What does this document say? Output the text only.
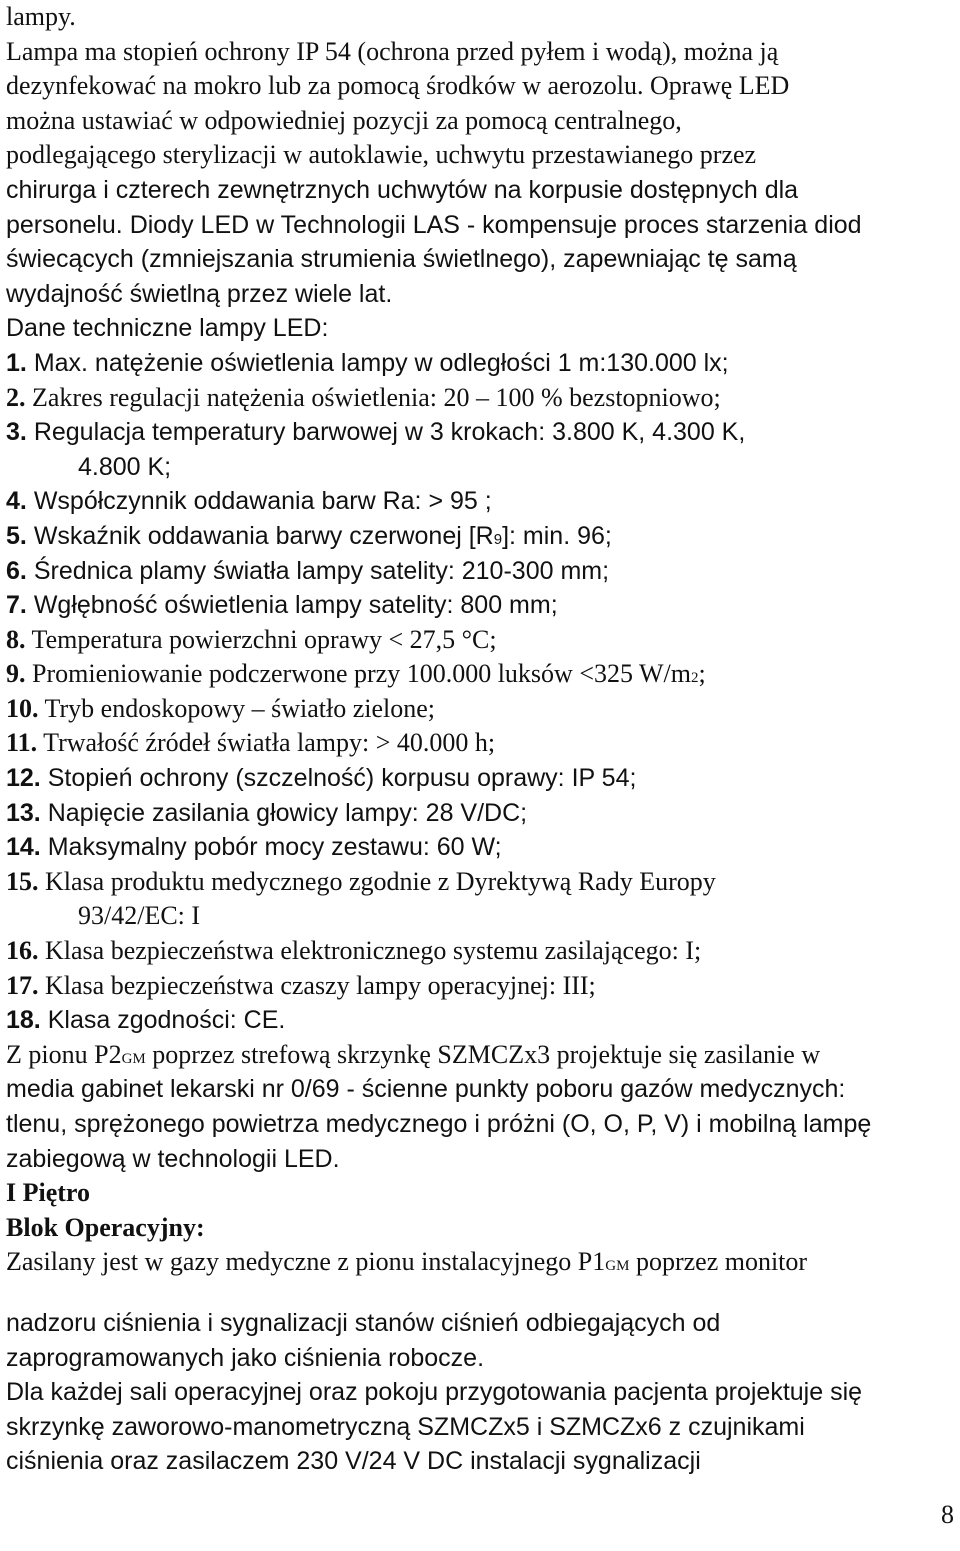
lampy.
Lampa ma stopień ochrony IP 54 (ochrona przed pyłem i wodą), można ją
dezynfekować na mokro lub za pomocą środków w aerozolu. Oprawę LED
można ustawiać w odpowiedniej pozycji za pomocą centralnego,
podlegającego sterylizacji w autoklawie, uchwytu przestawianego przez
chirurga i czterech zewnętrznych uchwytów na korpusie dostępnych dla
personelu. Diody LED w Technologii LAS - kompensuje proces starzenia diod
świecących (zmniejszania strumienia świetlnego), zapewniając tę samą
wydajność świetlną przez wiele lat.
Dane techniczne lampy LED:
1. Max. natężenie oświetlenia lampy w odległości 1 m:130.000 lx;
2. Zakres regulacji natężenia oświetlenia: 20 – 100 % bezstopniowo;
3. Regulacja temperatury barwowej w 3 krokach: 3.800 K, 4.300 K,
4.800 K;
4. Współczynnik oddawania barw Ra: > 95 ;
5. Wskaźnik oddawania barwy czerwonej [R9]: min. 96;
6. Średnica plamy światła lampy satelity: 210-300 mm;
7. Wgłębność oświetlenia lampy satelity: 800 mm;
8. Temperatura powierzchni oprawy < 27,5 °C;
9. Promieniowanie podczerwone przy 100.000 luksów <325 W/m2;
10. Tryb endoskopowy – światło zielone;
11. Trwałość źródeł światła lampy: > 40.000 h;
12. Stopień ochrony (szczelność) korpusu oprawy: IP 54;
13. Napięcie zasilania głowicy lampy: 28 V/DC;
14. Maksymalny pobór mocy zestawu: 60 W;
15. Klasa produktu medycznego zgodnie z Dyrektywą Rady Europy
93/42/EC: I
16. Klasa bezpieczeństwa elektronicznego systemu zasilającego: I;
17. Klasa bezpieczeństwa czaszy lampy operacyjnej: III;
18. Klasa zgodności: CE.
Z pionu P2GM poprzez strefową skrzynkę SZMCZx3 projektuje się zasilanie w
media gabinet lekarski nr 0/69 - ścienne punkty poboru gazów medycznych:
tlenu, sprężonego powietrza medycznego i próżni (O, O, P, V) i mobilną lampę
zabiegową w technologii LED.
I Piętro
Blok Operacyjny:
Zasilany jest w gazy medyczne z pionu instalacyjnego P1GM poprzez monitor
nadzoru ciśnienia i sygnalizacji stanów ciśnień odbiegających od
zaprogramowanych jako ciśnienia robocze.
Dla każdej sali operacyjnej oraz pokoju przygotowania pacjenta projektuje się
skrzynkę zaworowo-manometryczną SZMCZx5 i SZMCZx6 z czujnikami
ciśnienia oraz zasilaczem 230 V/24 V DC instalacji sygnalizacji
8
